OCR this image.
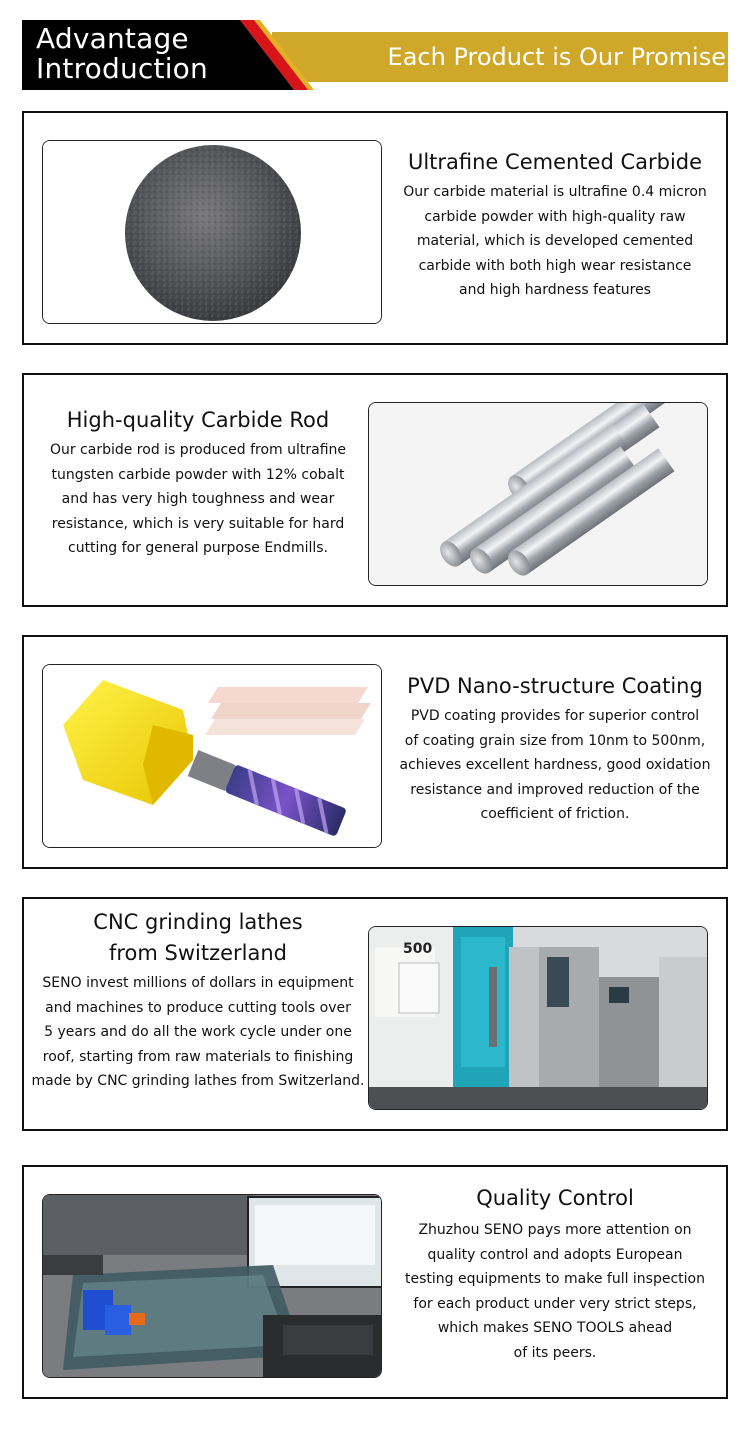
Advantage
Introduction	Each Product is Our Promise
Ultrafine Cemented Carbide

Our carbide material is ultrafine 0.4 micron
carbide powder with high-quality raw
material, which is developed cemented
carbide with both high wear resistance
and high hardness features

High-quality Carbide Rod

Our carbide rod is produced from ultrafine
tungsten carbide powder with 12% cobalt
and has very high toughness and wear
resistance, which is very suitable for hard
cutting for general purpose Endmills.

PVD Nano-structure Coating

PVD coating provides for superior control
of coating grain size from 10nm to 500nm,
achieves excellent hardness, good oxidation
resistance and improved reduction of the
coefficient of friction.

CNC grinding lathes
from Switzerland

SENO invest millions of dollars in equipment
and machines to produce cutting tools over
5 years and do all the work cycle under one
roof, starting from raw materials to finishing
made by CNC grinding lathes from Switzerland.

500
Quality Control

Zhuzhou SENO pays more attention on
quality control and adopts European
testing equipments to make full inspection
for each product under very strict steps,
which makes SENO TOOLS ahead
of its peers.
